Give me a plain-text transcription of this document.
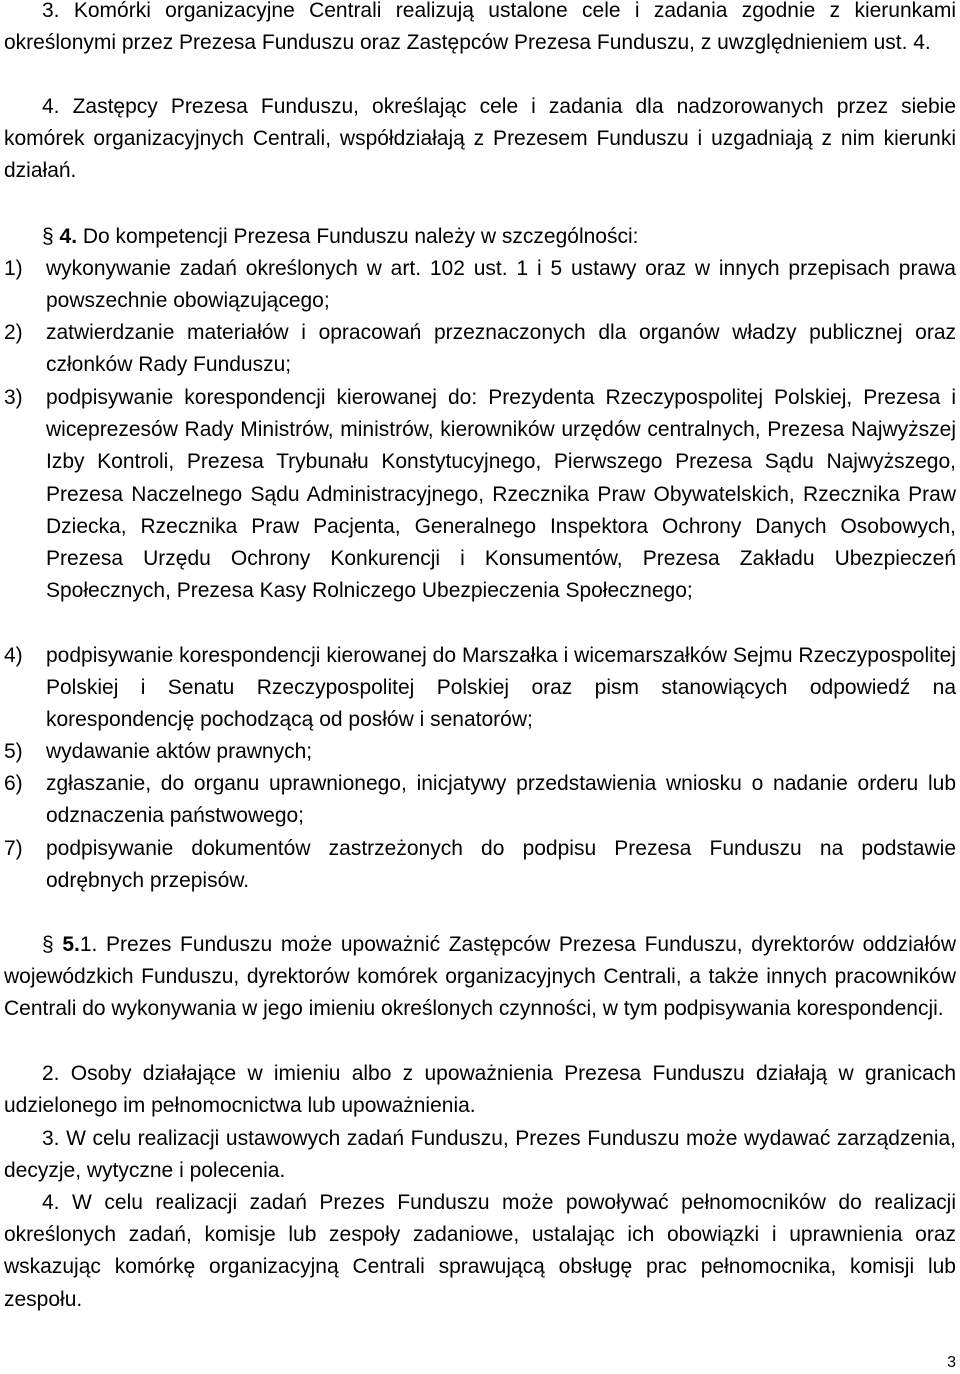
3. Komórki organizacyjne Centrali realizują ustalone cele i zadania zgodnie z kierunkami określonymi przez Prezesa Funduszu oraz Zastępców Prezesa Funduszu, z uwzględnieniem ust. 4.

4. Zastępcy Prezesa Funduszu, określając cele i zadania dla nadzorowanych przez siebie komórek organizacyjnych Centrali, współdziałają z Prezesem Funduszu i uzgadniają z nim kierunki działań.

§ 4. Do kompetencji Prezesa Funduszu należy w szczególności:

1) wykonywanie zadań określonych w art. 102 ust. 1 i 5 ustawy oraz w innych przepisach prawa powszechnie obowiązującego;
2) zatwierdzanie materiałów i opracowań przeznaczonych dla organów władzy publicznej oraz członków Rady Funduszu;
3) podpisywanie korespondencji kierowanej do: Prezydenta Rzeczypospolitej Polskiej, Prezesa i wiceprezesów Rady Ministrów, ministrów, kierowników urzędów centralnych, Prezesa Najwyższej Izby Kontroli, Prezesa Trybunału Konstytucyjnego, Pierwszego Prezesa Sądu Najwyższego, Prezesa Naczelnego Sądu Administracyjnego, Rzecznika Praw Obywatelskich, Rzecznika Praw Dziecka, Rzecznika Praw Pacjenta, Generalnego Inspektora Ochrony Danych Osobowych, Prezesa Urzędu Ochrony Konkurencji i Konsumentów, Prezesa Zakładu Ubezpieczeń Społecznych, Prezesa Kasy Rolniczego Ubezpieczenia Społecznego;
4) podpisywanie korespondencji kierowanej do Marszałka i wicemarszałków Sejmu Rzeczypospolitej Polskiej i Senatu Rzeczypospolitej Polskiej oraz pism stanowiących odpowiedź na korespondencję pochodzącą od posłów i senatorów;
5) wydawanie aktów prawnych;
6) zgłaszanie, do organu uprawnionego, inicjatywy przedstawienia wniosku o nadanie orderu lub odznaczenia państwowego;
7) podpisywanie dokumentów zastrzeżonych do podpisu Prezesa Funduszu na podstawie odrębnych przepisów.

§ 5.1. Prezes Funduszu może upoważnić Zastępców Prezesa Funduszu, dyrektorów oddziałów wojewódzkich Funduszu, dyrektorów komórek organizacyjnych Centrali, a także innych pracowników Centrali do wykonywania w jego imieniu określonych czynności, w tym podpisywania korespondencji.

2. Osoby działające w imieniu albo z upoważnienia Prezesa Funduszu działają w granicach udzielonego im pełnomocnictwa lub upoważnienia.

3. W celu realizacji ustawowych zadań Funduszu, Prezes Funduszu może wydawać zarządzenia, decyzje, wytyczne i polecenia.

4. W celu realizacji zadań Prezes Funduszu może powoływać pełnomocników do realizacji określonych zadań, komisje lub zespoły zadaniowe, ustalając ich obowiązki i uprawnienia oraz wskazując komórkę organizacyjną Centrali sprawującą obsługę prac pełnomocnika, komisji lub zespołu.

3
